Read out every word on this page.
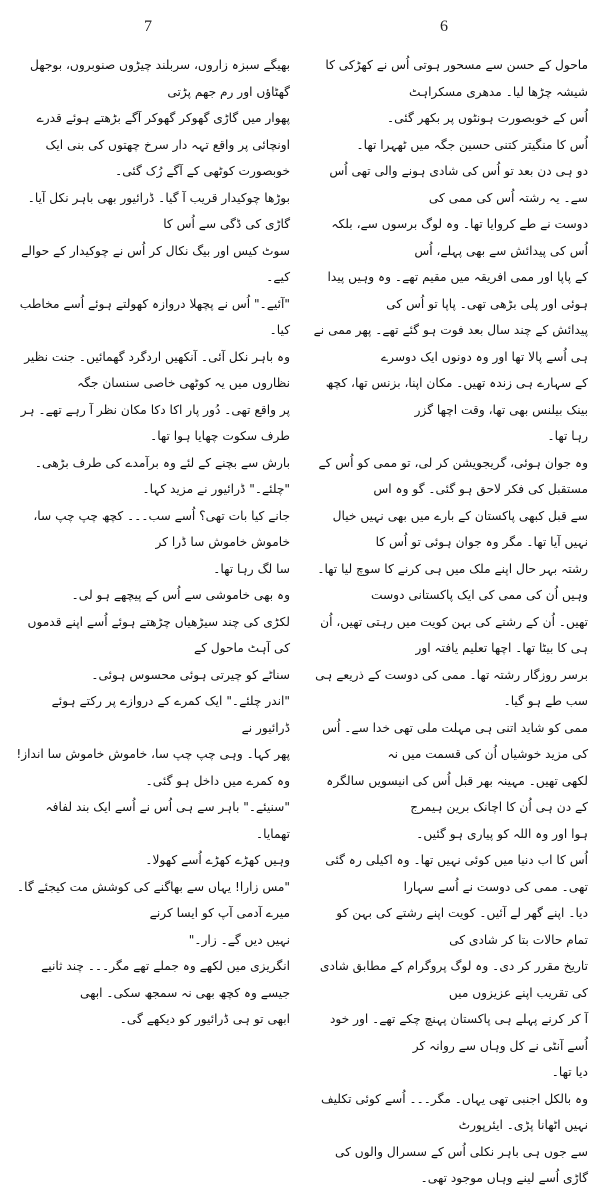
7	6

ماحول کے حسن سے مسحور ہوتی اُس نے کھڑکی کا شیشہ چڑھا لیا۔ مدھری مسکراہٹ

اُس کے خوبصورت ہونٹوں پر بکھر گئی۔

اُس کا منگیتر کتنی حسین جگہ میں ٹھہرا تھا۔

دو ہی دن بعد تو اُس کی شادی ہونے والی تھی اُس سے۔ یہ رشتہ اُس کی ممی کی

دوست نے طے کروایا تھا۔ وہ لوگ برسوں سے، بلکہ اُس کی پیدائش سے بھی پہلے، اُس

کے پاپا اور ممی افریقہ میں مقیم تھے۔ وہ وہیں پیدا ہوئی اور پلی بڑھی تھی۔ پاپا تو اُس کی

پیدائش کے چند سال بعد فوت ہو گئے تھے۔ پھر ممی نے ہی اُسے پالا تھا اور وہ دونوں ایک دوسرے

کے سہارے ہی زندہ تھیں۔ مکان اپنا، بزنس تھا، کچھ بینک بیلنس بھی تھا، وقت اچھا گزر

رہا تھا۔

وہ جوان ہوئی، گریجویشن کر لی، تو ممی کو اُس کے مستقبل کی فکر لاحق ہو گئی۔ گو وہ اس

سے قبل کبھی پاکستان کے بارے میں بھی نہیں خیال نہیں آیا تھا۔ مگر وہ جوان ہوئی تو اُس کا

رشتہ بہر حال اپنے ملک میں ہی کرنے کا سوچ لیا تھا۔ وہیں اُن کی ممی کی ایک پاکستانی دوست

تھیں۔ اُن کے رشتے کی بہن کویت میں رہتی تھیں، اُن ہی کا بیٹا تھا۔ اچھا تعلیم یافتہ اور

برسر روزگار رشتہ تھا۔ ممی کی دوست کے ذریعے ہی سب طے ہو گیا۔

ممی کو شاید اتنی ہی مہلت ملی تھی خدا سے۔ اُس کی مزید خوشیاں اُن کی قسمت میں نہ

لکھی تھیں۔ مہینہ بھر قبل اُس کی انیسویں سالگرہ کے دن ہی اُن کا اچانک برین ہیمرج

ہوا اور وہ اللہ کو پیاری ہو گئیں۔

اُس کا اب دنیا میں کوئی نہیں تھا۔ وہ اکیلی رہ گئی تھی۔ ممی کی دوست نے اُسے سہارا

دیا۔ اپنے گھر لے آئیں۔ کویت اپنے رشتے کی بہن کو تمام حالات بتا کر شادی کی

تاریخ مقرر کر دی۔ وہ لوگ پروگرام کے مطابق شادی کی تقریب اپنے عزیزوں میں

آ کر کرنے پہلے ہی پاکستان پہنچ چکے تھے۔ اور خود اُسے آنٹی نے کل وہاں سے روانہ کر

دیا تھا۔

وہ بالکل اجنبی تھی یہاں۔ مگر۔۔۔ اُسے کوئی تکلیف نہیں اٹھانا پڑی۔ ایئرپورٹ

سے جوں ہی باہر نکلی اُس کے سسرال والوں کی گاڑی اُسے لینے وہاں موجود تھی۔

بھیگے سبزہ زاروں، سربلند چیڑوں صنوبروں، بوجھل گھٹاؤں اور رم جھم پڑتی

پھوار میں گاڑی گھوکر گھوکر آگے بڑھتے ہوئے قدرے اونچائی پر واقع تہہ دار سرخ چھتوں کی بنی ایک

خوبصورت کوٹھی کے آگے رُک گئی۔

بوڑھا چوکیدار قریب آ گیا۔ ڈرائیور بھی باہر نکل آیا۔ گاڑی کی ڈگی سے اُس کا

سوٹ کیس اور بیگ نکال کر اُس نے چوکیدار کے حوالے کیے۔

"آئیے۔" اُس نے پچھلا دروازہ کھولتے ہوئے اُسے مخاطب کیا۔

وہ باہر نکل آئی۔ آنکھیں اردگرد گھمائیں۔ جنت نظیر نظاروں میں یہ کوٹھی خاصی سنسان جگہ

پر واقع تھی۔ دُور پار اکا دکا مکان نظر آ رہے تھے۔ ہر طرف سکوت چھایا ہوا تھا۔

بارش سے بچنے کے لئے وہ برآمدے کی طرف بڑھی۔

"چلئے۔" ڈرائیور نے مزید کہا۔

جانے کیا بات تھی؟ اُسے سب۔۔۔ کچھ چپ چپ سا، خاموش خاموش سا ڈرا کر

سا لگ رہا تھا۔

وہ بھی خاموشی سے اُس کے پیچھے ہو لی۔

لکڑی کی چند سیڑھیاں چڑھتے ہوئے اُسے اپنے قدموں کی آہٹ ماحول کے

سناٹے کو چیرتی ہوئی محسوس ہوئی۔

"اندر چلئے۔" ایک کمرے کے دروازے پر رکتے ہوئے ڈرائیور نے

پھر کہا۔ وہی چپ چپ سا، خاموش خاموش سا انداز!

وہ کمرے میں داخل ہو گئی۔

"سنیئے۔" باہر سے ہی اُس نے اُسے ایک بند لفافہ تھمایا۔

وہیں کھڑے کھڑے اُسے کھولا۔

"مس زارا! یہاں سے بھاگنے کی کوشش مت کیجئے گا۔ میرے آدمی آپ کو ایسا کرنے

نہیں دیں گے۔ زار۔"

انگریزی میں لکھے وہ جملے تھے مگر۔۔۔ چند ثانیے جیسے وہ کچھ بھی نہ سمجھ سکی۔ ابھی

ابھی تو ہی ڈرائیور کو دیکھے گی۔
